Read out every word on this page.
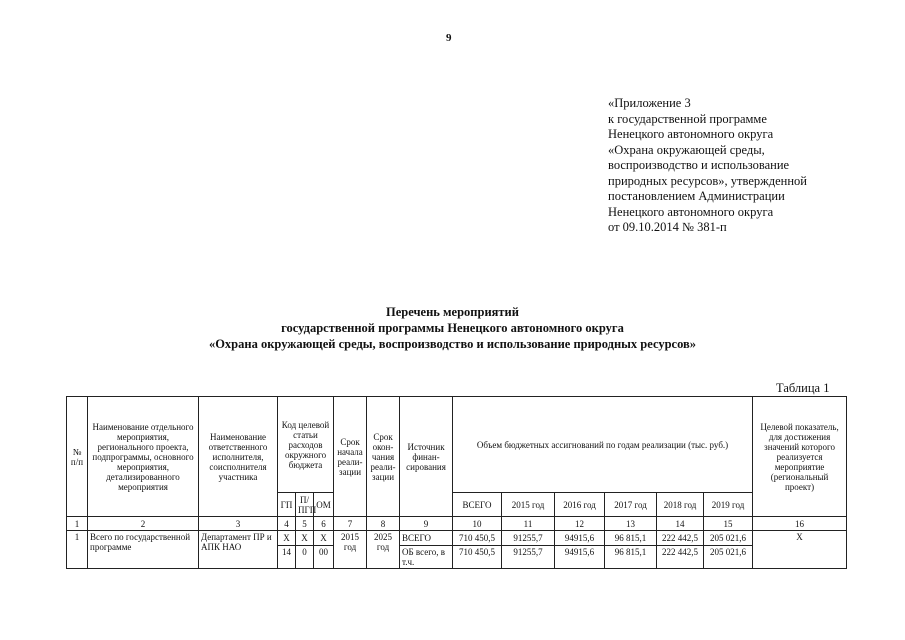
9
«Приложение 3
к государственной программе
Ненецкого автономного округа
«Охрана окружающей среды,
воспроизводство и использование
природных ресурсов», утвержденной
постановлением Администрации
Ненецкого автономного округа
от 09.10.2014 № 381-п
Перечень мероприятий
государственной программы Ненецкого автономного округа
«Охрана окружающей среды, воспроизводство и использование природных ресурсов»
Таблица 1
№ п/п	Наименование отдельного мероприятия, регионального проекта, подпрограммы, основного мероприятия, детализированного мероприятия	Наименование ответственного исполнителя, соисполнителя участника	Код целевой статьи расходов окружного бюджета			Срок начала реали-зации	Срок окон-чания реали-зации	Источник финан-сирования	Объем бюджетных ассигнований по годам реализации (тыс. руб.)						Целевой показатель, для достижения значений которого реализуется мероприятие (региональный проект)
			ГП	П/ ПГП	ОМ				ВСЕГО	2015 год	2016 год	2017 год	2018 год	2019 год	
1	2	3	4	5	6	7	8	9	10	11	12	13	14	15	16
1	Всего по государственной программе	Департамент ПР и АПК НАО	Х	Х	Х	2015 год	2025 год	ВСЕГО	710 450,5	91255,7	94915,6	96 815,1	222 442,5	205 021,6	Х
			14	0	00			ОБ всего, в т.ч.	710 450,5	91255,7	94915,6	96 815,1	222 442,5	205 021,6	
